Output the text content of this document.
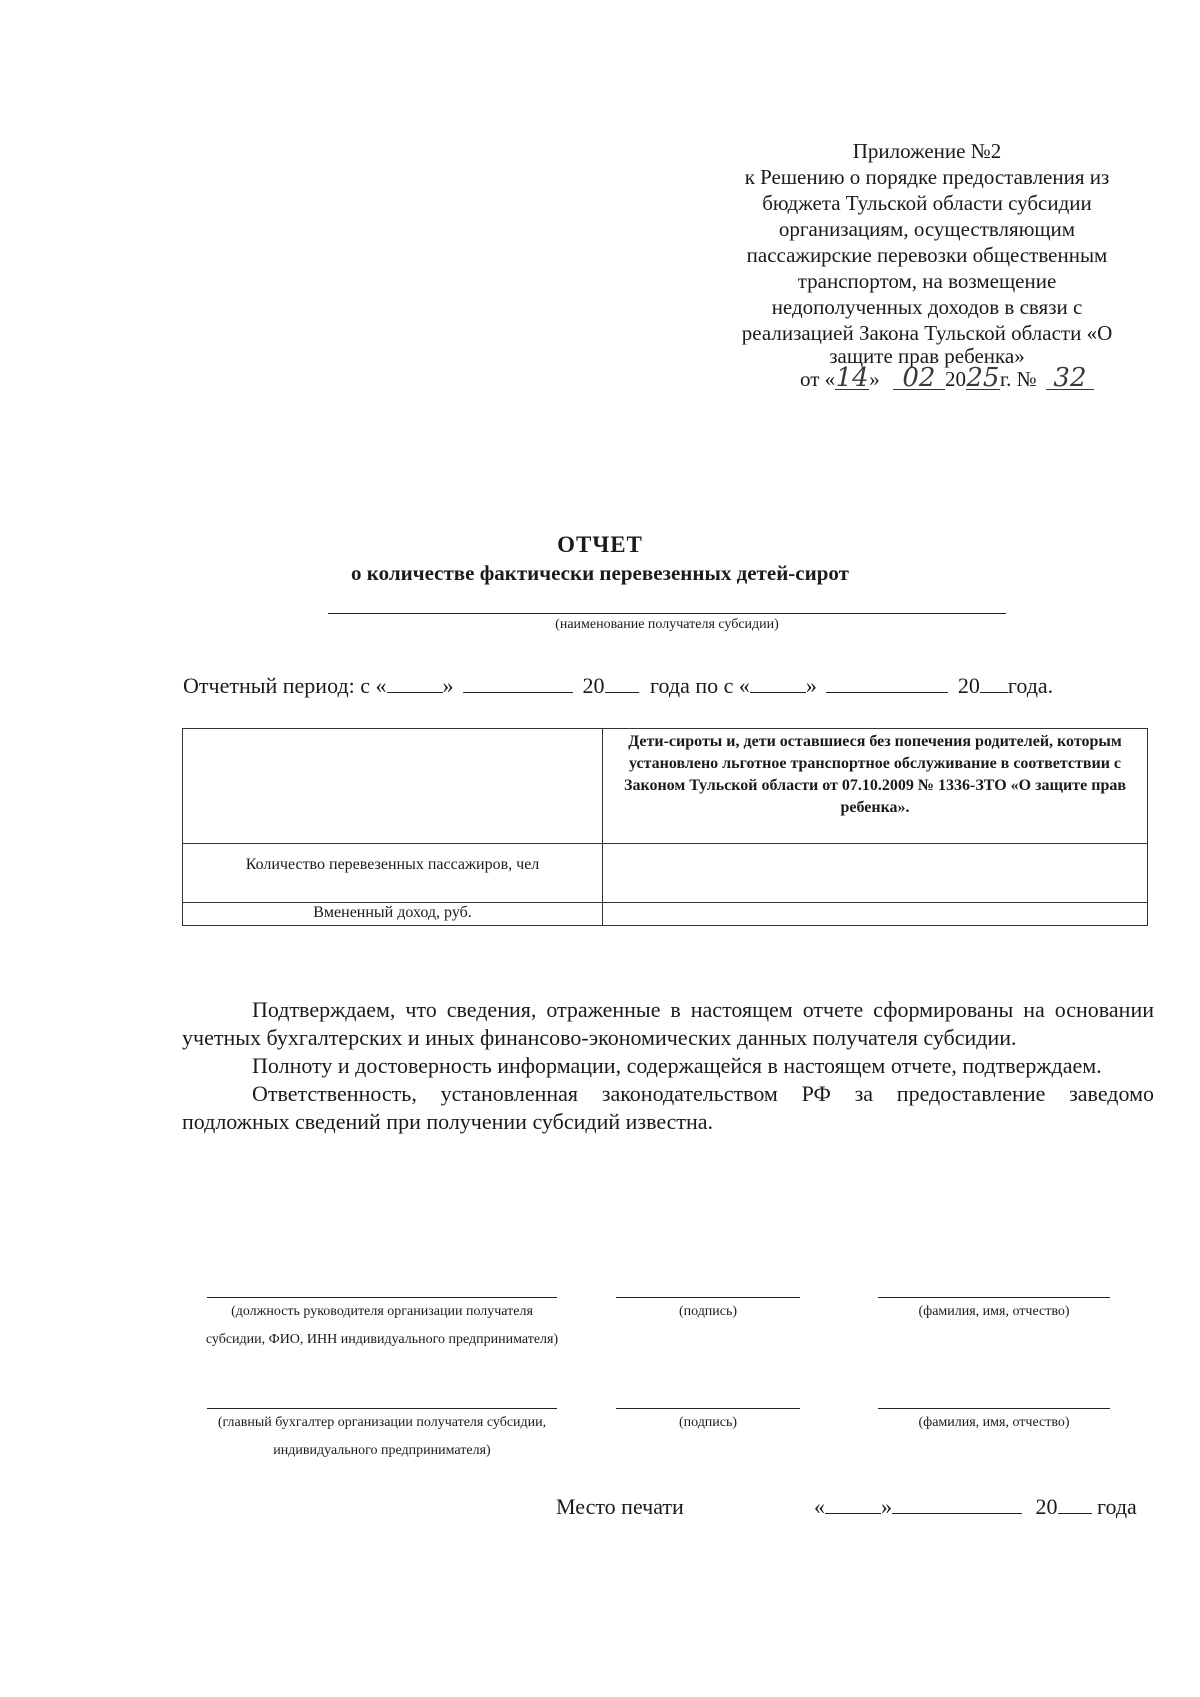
Приложение №2
к Решению о порядке предоставления из
бюджета Тульской области субсидии
организациям, осуществляющим
пассажирские перевозки общественным
транспортом, на возмещение
недополученных доходов в связи с
реализацией Закона Тульской области «О
защите прав ребенка»
от «14» 02 2025г. № 32
ОТЧЕТ
о количестве фактически перевезенных детей-сирот
(наименование получателя субсидии)
Отчетный период: с «	»	20 года по с «	»	20 года.
	Дети-сироты и, дети оставшиеся без попечения родителей, которым установлено льготное транспортное обслуживание в соответствии с Законом Тульской области от 07.10.2009 № 1336-ЗТО «О защите прав ребенка».
Количество перевезенных пассажиров, чел	
Вмененный доход, руб.	

Подтверждаем, что сведения, отраженные в настоящем отчете сформированы на основании учетных бухгалтерских и иных финансово-экономических данных получателя субсидии.

Полноту и достоверность информации, содержащейся в настоящем отчете, подтверждаем.

Ответственность, установленная законодательством РФ за предоставление заведомо подложных сведений при получении субсидий известна.

(должность руководителя организации получателя субсидии, ФИО, ИНН индивидуального предпринимателя)
(подпись)	(фамилия, имя, отчество)
(главный бухгалтер организации получателя субсидии, индивидуального предпринимателя)
(подпись)	(фамилия, имя, отчество)
Место печати	«	»	20 года
